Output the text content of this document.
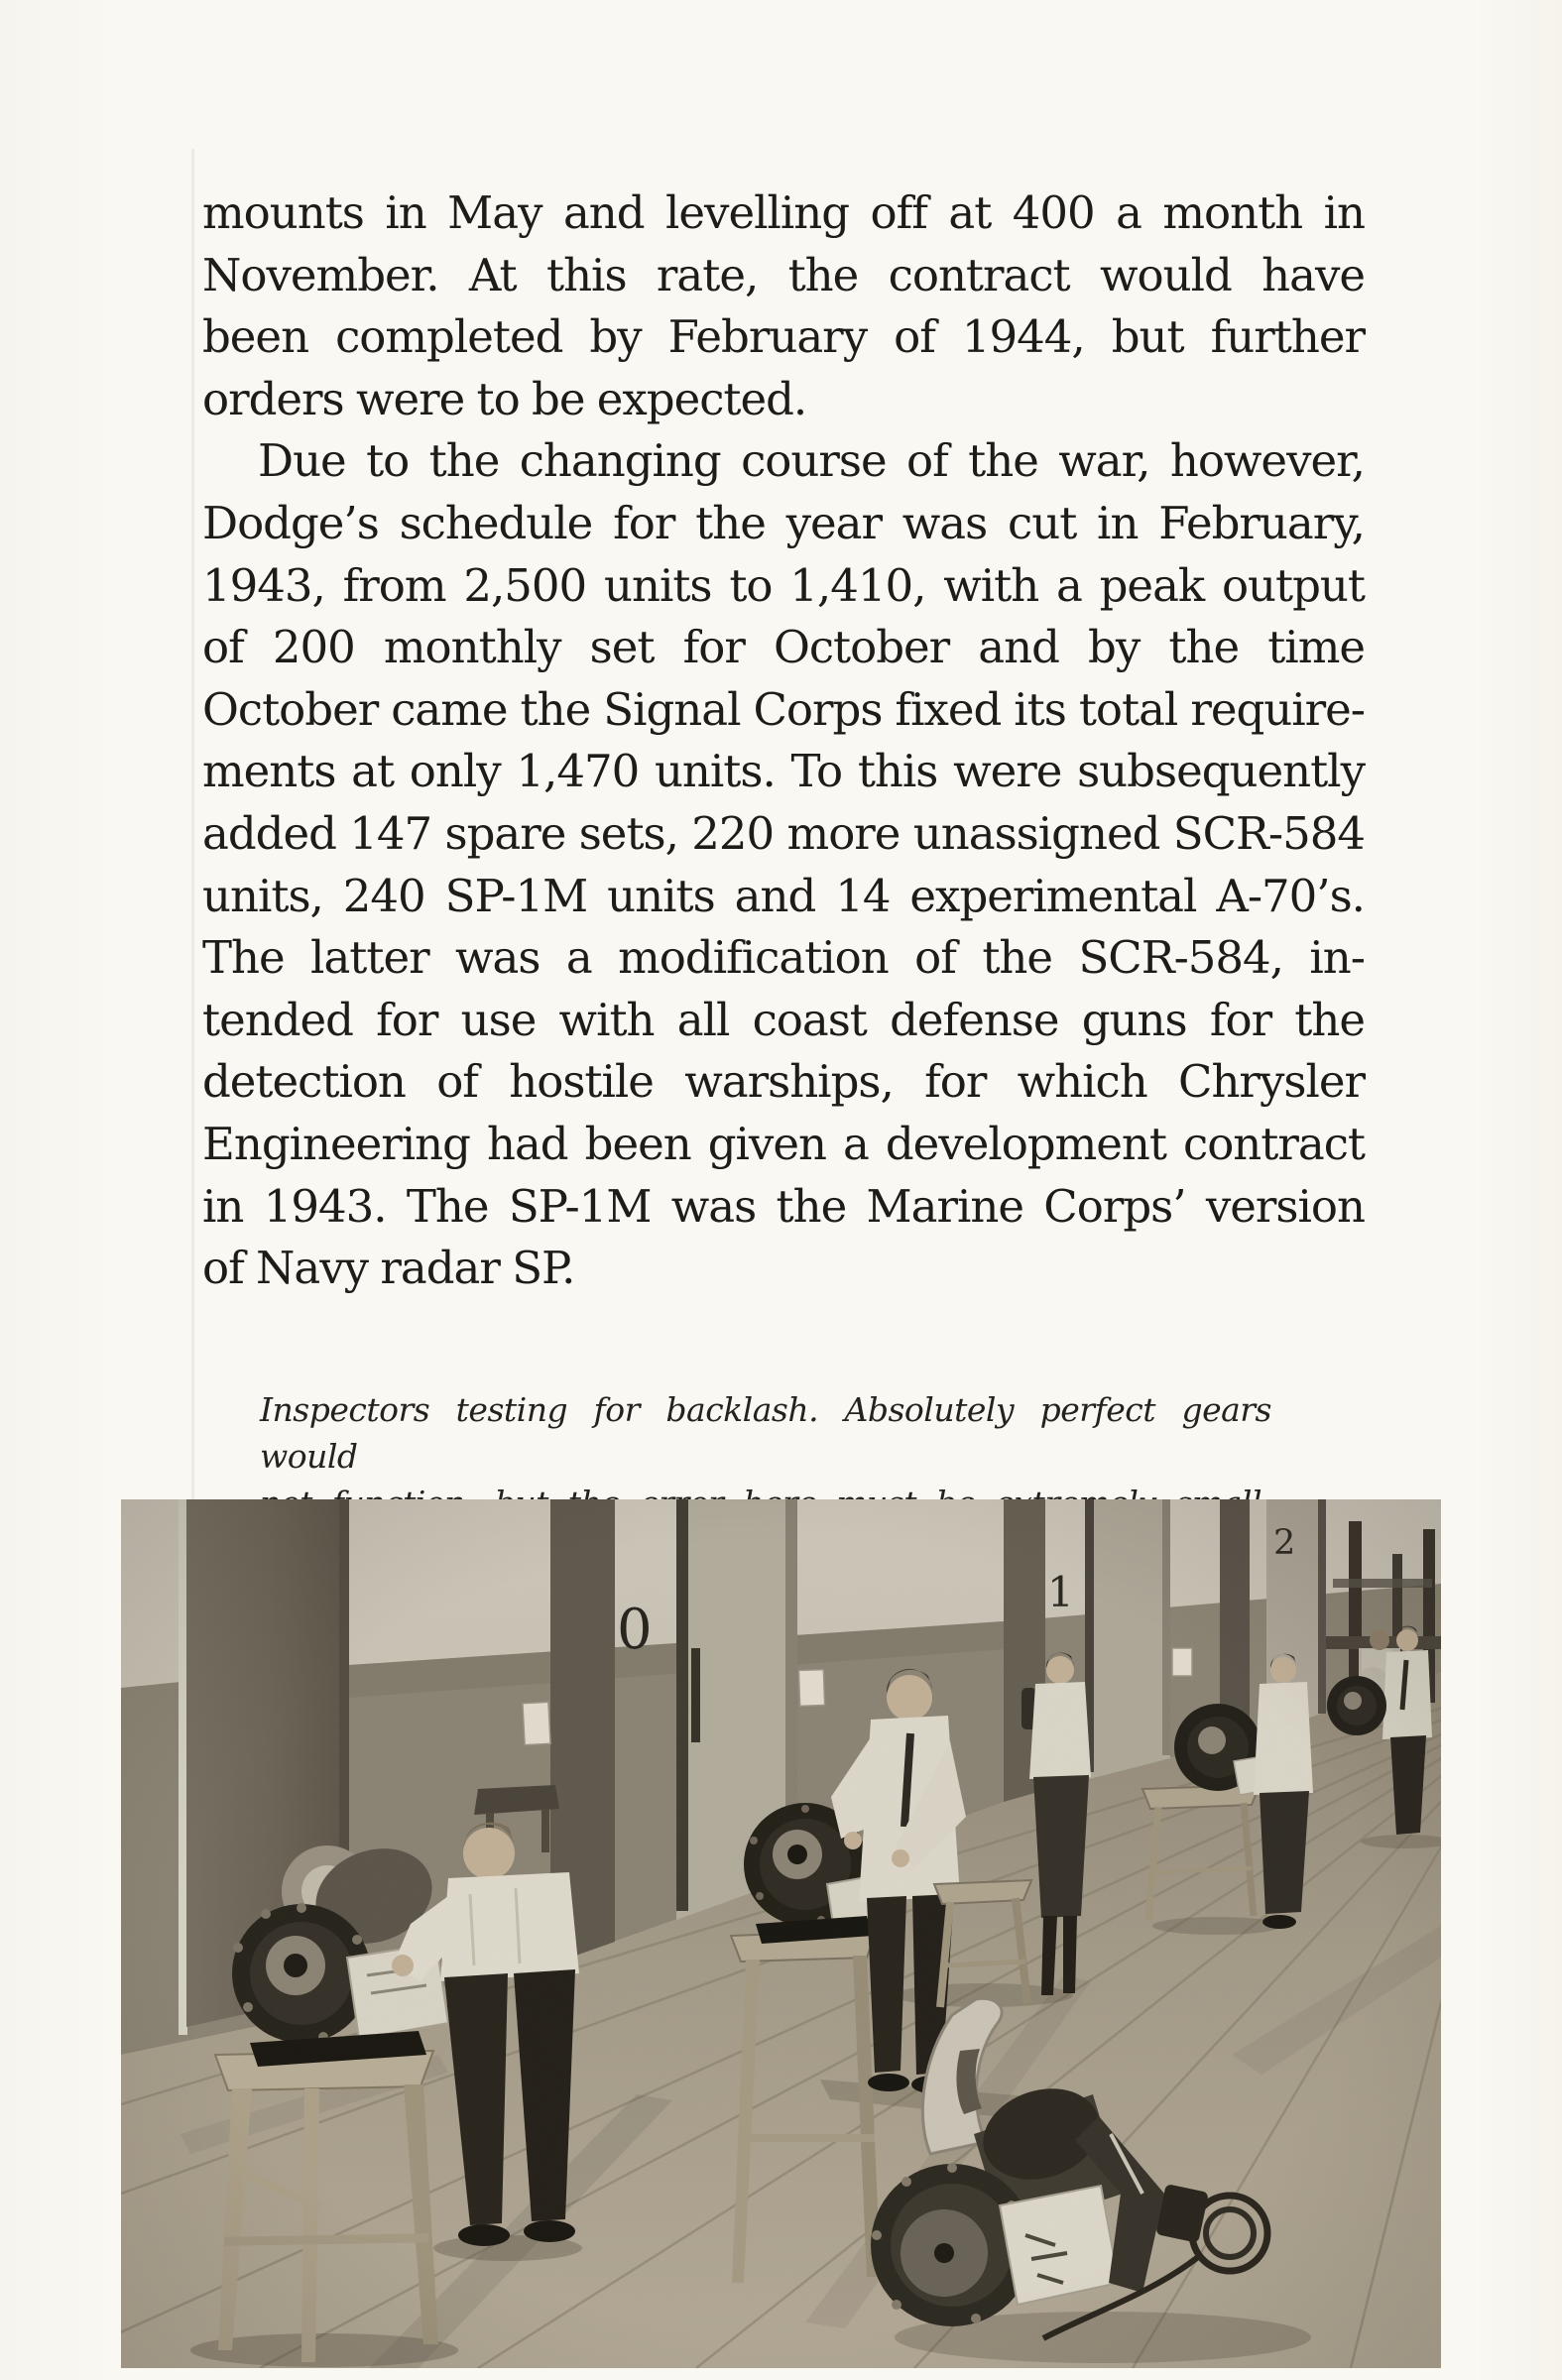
mounts in May and levelling off at 400 a month in
November. At this rate, the contract would have
been completed by February of 1944, but further
orders were to be expected.
Due to the changing course of the war, however,
Dodge’s schedule for the year was cut in February,
1943, from 2,500 units to 1,410, with a peak output
of 200 monthly set for October and by the time
October came the Signal Corps fixed its total require-
ments at only 1,470 units. To this were subsequently
added 147 spare sets, 220 more unassigned SCR-584
units, 240 SP-1M units and 14 experimental A-70’s.
The latter was a modification of the SCR-584, in-
tended for use with all coast defense guns for the
detection of hostile warships, for which Chrysler
Engineering had been given a development contract
in 1943. The SP-1M was the Marine Corps’ version
of Navy radar SP.
Inspectors testing for backlash. Absolutely perfect gears would
